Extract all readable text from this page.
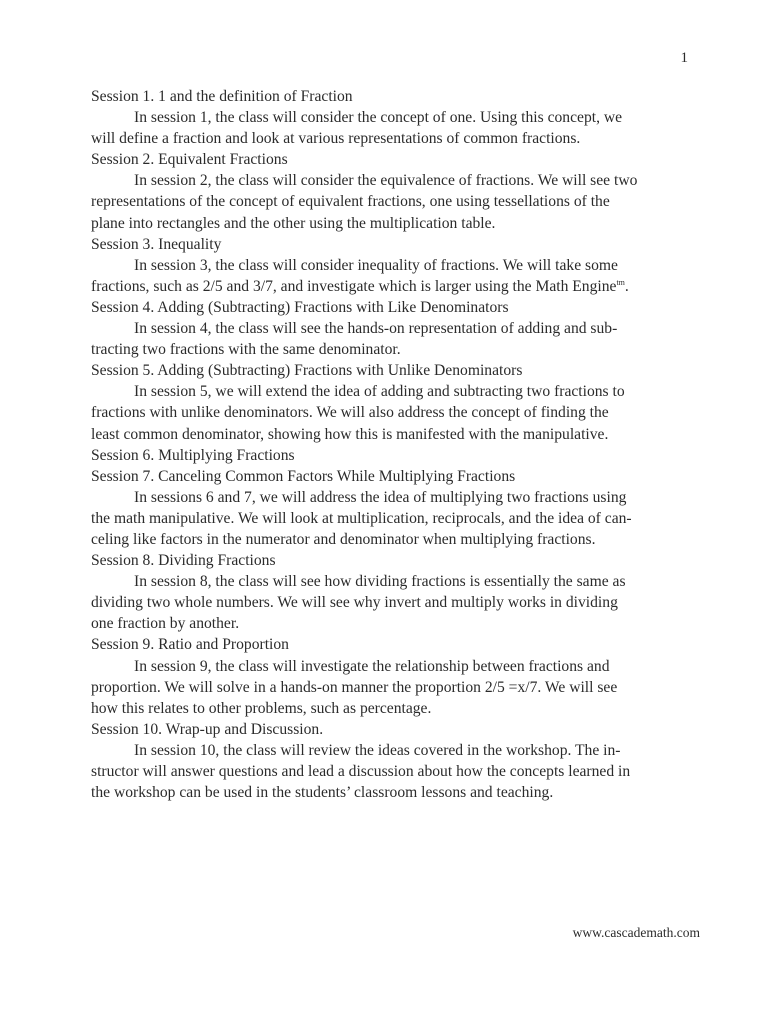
1
Session 1. 1 and the definition of Fraction
In session 1, the class will consider the concept of one. Using this concept, we
will define a fraction and look at various representations of common fractions.
Session 2. Equivalent Fractions
In session 2, the class will consider the equivalence of fractions. We will see two
representations of the concept of equivalent fractions, one using tessellations of the
plane into rectangles and the other using the multiplication table.
Session 3. Inequality
In session 3, the class will consider inequality of fractions. We will take some
fractions, such as 2/5 and 3/7, and investigate which is larger using the Math Engine$^{tm}$.
Session 4. Adding (Subtracting) Fractions with Like Denominators
In session 4, the class will see the hands-on representation of adding and sub-
tracting two fractions with the same denominator.
Session 5. Adding (Subtracting) Fractions with Unlike Denominators
In session 5, we will extend the idea of adding and subtracting two fractions to
fractions with unlike denominators. We will also address the concept of finding the
least common denominator, showing how this is manifested with the manipulative.
Session 6. Multiplying Fractions
Session 7. Canceling Common Factors While Multiplying Fractions
In sessions 6 and 7, we will address the idea of multiplying two fractions using
the math manipulative. We will look at multiplication, reciprocals, and the idea of can-
celing like factors in the numerator and denominator when multiplying fractions.
Session 8. Dividing Fractions
In session 8, the class will see how dividing fractions is essentially the same as
dividing two whole numbers. We will see why invert and multiply works in dividing
one fraction by another.
Session 9. Ratio and Proportion
In session 9, the class will investigate the relationship between fractions and
proportion. We will solve in a hands-on manner the proportion 2/5 =x/7. We will see
how this relates to other problems, such as percentage.
Session 10. Wrap-up and Discussion.
In session 10, the class will review the ideas covered in the workshop. The in-
structor will answer questions and lead a discussion about how the concepts learned in
the workshop can be used in the students’ classroom lessons and teaching.
www.cascademath.com
